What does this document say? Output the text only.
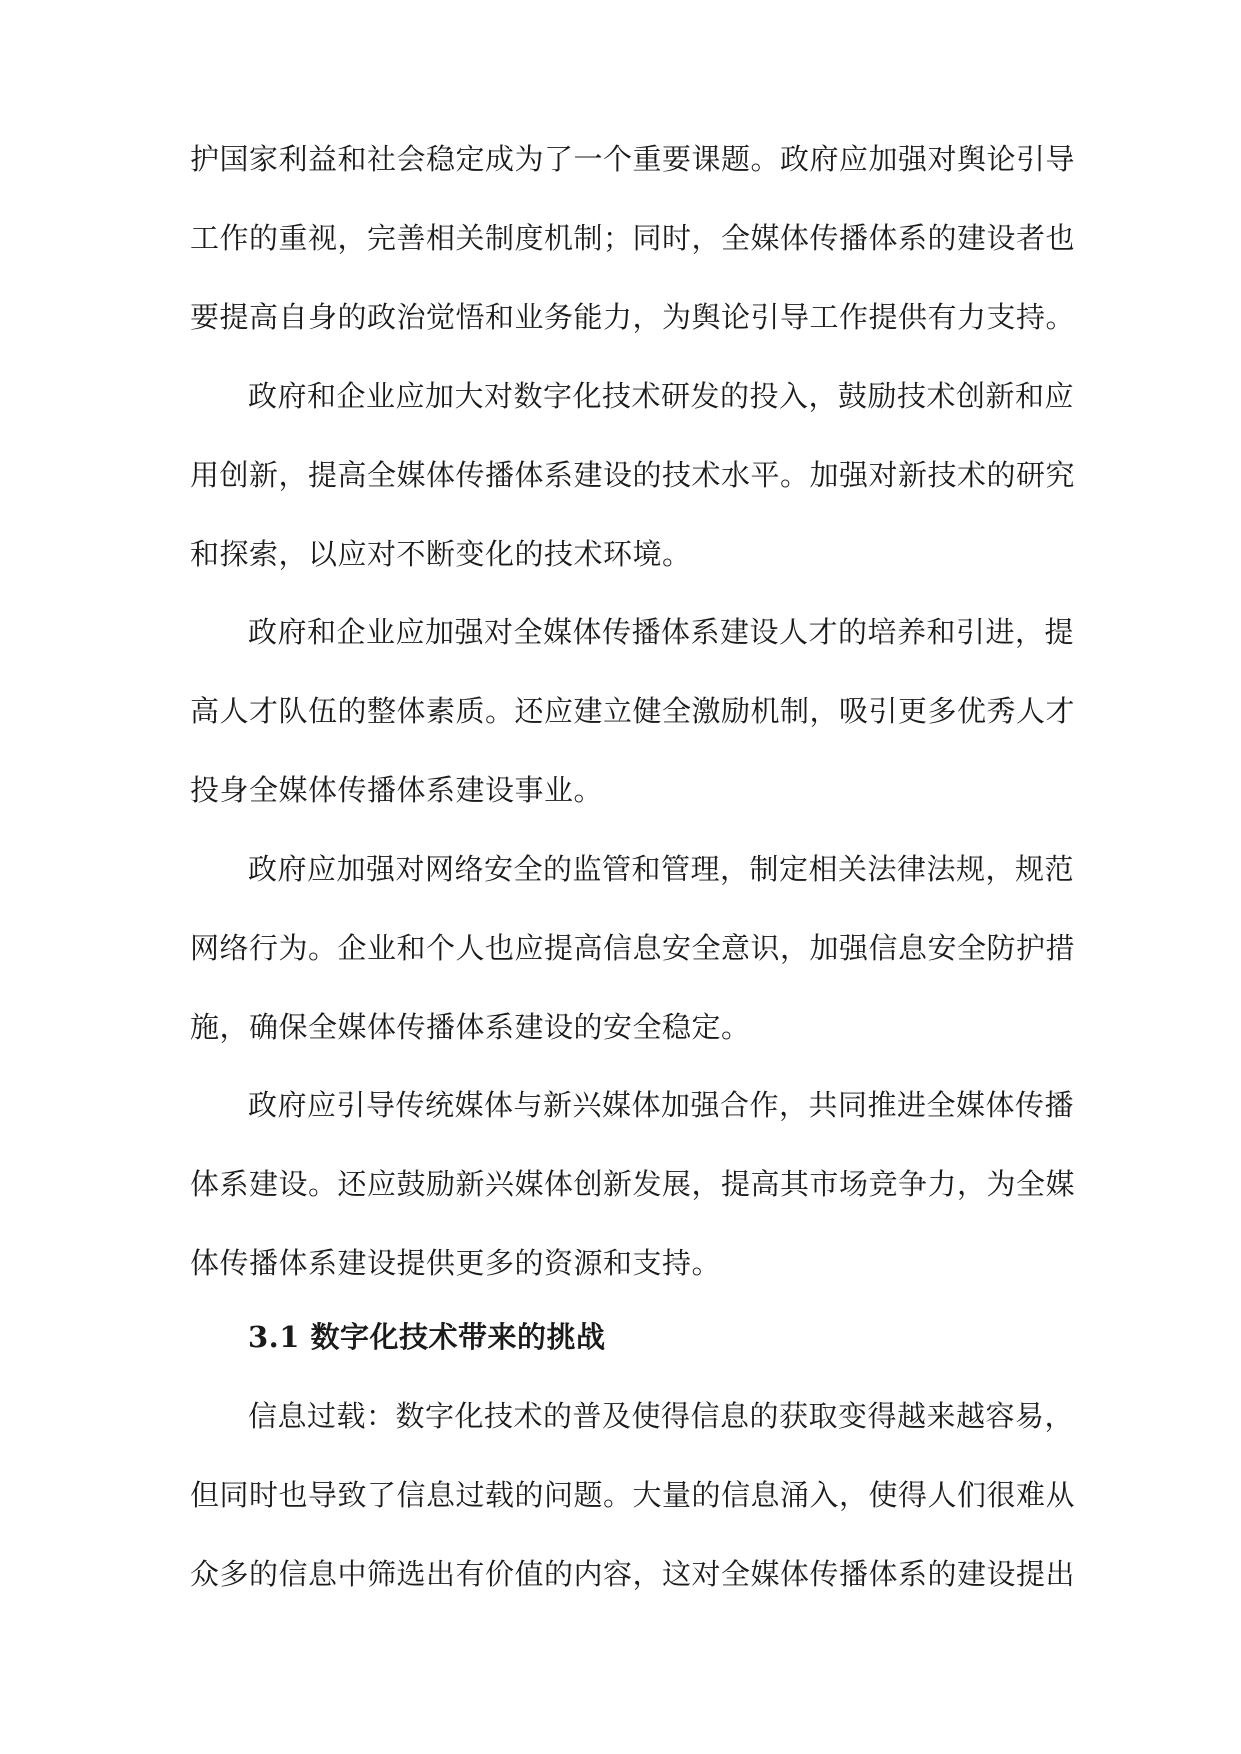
护国家利益和社会稳定成为了一个重要课题。政府应加强对舆论引导
工作的重视，完善相关制度机制；同时，全媒体传播体系的建设者也
要提高自身的政治觉悟和业务能力，为舆论引导工作提供有力支持。
政府和企业应加大对数字化技术研发的投入，鼓励技术创新和应
用创新，提高全媒体传播体系建设的技术水平。加强对新技术的研究
和探索，以应对不断变化的技术环境。
政府和企业应加强对全媒体传播体系建设人才的培养和引进，提
高人才队伍的整体素质。还应建立健全激励机制，吸引更多优秀人才
投身全媒体传播体系建设事业。
政府应加强对网络安全的监管和管理，制定相关法律法规，规范
网络行为。企业和个人也应提高信息安全意识，加强信息安全防护措
施，确保全媒体传播体系建设的安全稳定。
政府应引导传统媒体与新兴媒体加强合作，共同推进全媒体传播
体系建设。还应鼓励新兴媒体创新发展，提高其市场竞争力，为全媒
体传播体系建设提供更多的资源和支持。
3.1 数字化技术带来的挑战
信息过载：数字化技术的普及使得信息的获取变得越来越容易，
但同时也导致了信息过载的问题。大量的信息涌入，使得人们很难从
众多的信息中筛选出有价值的内容，这对全媒体传播体系的建设提出
